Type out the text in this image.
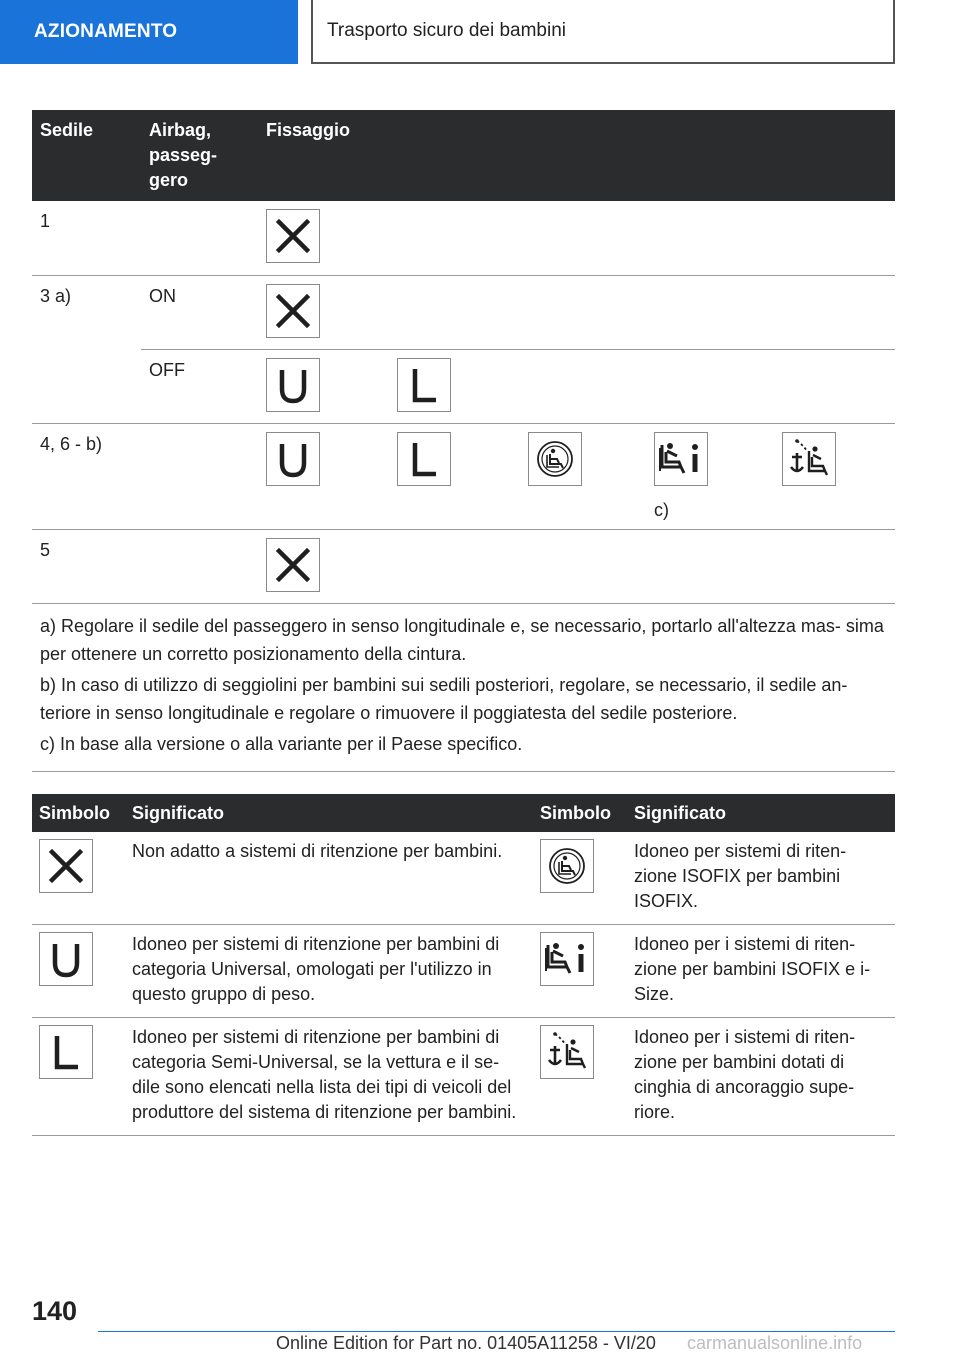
AZIONAMENTO	Trasporto sicuro dei bambini
Sedile	Airbag, passeg- gero	Fissaggio				
1		

3 a)	ON	

	OFF	

4, 6 - b)					c)

5		

a) Regolare il sedile del passeggero in senso longitudinale e, se necessario, portarlo all'altezza mas- sima per ottenere un corretto posizionamento della cintura.

b) In caso di utilizzo di seggiolini per bambini sui sedili posteriori, regolare, se necessario, il sedile an- teriore in senso longitudinale e regolare o rimuovere il poggiatesta del sedile posteriore.

c) In base alla versione o alla variante per il Paese specifico.						

Simbolo	Significato	Simbolo	Significato

	Non adatto a sistemi di ritenzione per bambini.		Idoneo per sistemi di riten- zione ISOFIX per bambini ISOFIX.

	Idoneo per sistemi di ritenzione per bambini di categoria Universal, omologati per l'utilizzo in questo gruppo di peso.		Idoneo per i sistemi di riten- zione per bambini ISOFIX e i- Size.

	Idoneo per sistemi di ritenzione per bambini di categoria Semi-Universal, se la vettura e il se- dile sono elencati nella lista dei tipi di veicoli del produttore del sistema di ritenzione per bambini.		Idoneo per i sistemi di riten- zione per bambini dotati di cinghia di ancoraggio supe- riore.
140
Online Edition for Part no. 01405A11258 - VI/20 carmanualsonline.info
